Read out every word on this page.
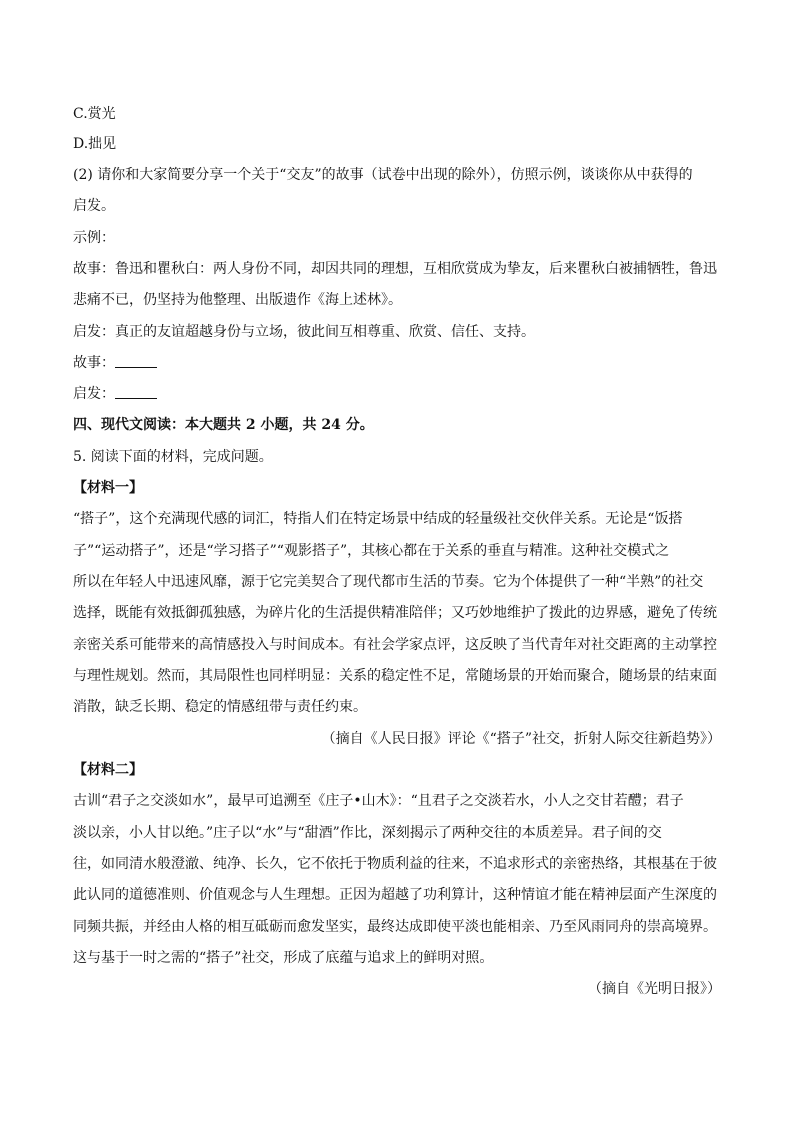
C.赏光
D.拙见
(2) 请你和大家简要分享一个关于“交友”的故事（试卷中出现的除外），仿照示例，谈谈你从中获得的
启发。
示例：
故事：鲁迅和瞿秋白：两人身份不同，却因共同的理想，互相欣赏成为挚友，后来瞿秋白被捕牺牲，鲁迅
悲痛不已，仍坚持为他整理、出版遗作《海上述林》。
启发：真正的友谊超越身份与立场，彼此间互相尊重、欣赏、信任、支持。
故事：
启发：
四、现代文阅读：本大题共 2 小题，共 24 分。
5. 阅读下面的材料，完成问题。
【材料一】
“搭子”，这个充满现代感的词汇，特指人们在特定场景中结成的轻量级社交伙伴关系。无论是“饭搭
子”“运动搭子”，还是“学习搭子”“观影搭子”，其核心都在于关系的垂直与精准。这种社交模式之
所以在年轻人中迅速风靡，源于它完美契合了现代都市生活的节奏。它为个体提供了一种“半熟”的社交
选择，既能有效抵御孤独感，为碎片化的生活提供精准陪伴；又巧妙地维护了拨此的边界感，避免了传统
亲密关系可能带来的高情感投入与时间成本。有社会学家点评，这反映了当代青年对社交距离的主动掌控
与理性规划。然而，其局限性也同样明显：关系的稳定性不足，常随场景的开始而聚合，随场景的结束面
消散，缺乏长期、稳定的情感纽带与责任约束。
（摘自《人民日报》评论《“搭子”社交，折射人际交往新趋势》）
【材料二】
古训“君子之交淡如水”，最早可追溯至《庄子•山木》：“且君子之交淡若水，小人之交甘若醴；君子
淡以亲，小人甘以绝。”庄子以“水”与“甜酒”作比，深刻揭示了两种交往的本质差异。君子间的交
往，如同清水般澄澈、纯净、长久，它不依托于物质利益的往来，不追求形式的亲密热络，其根基在于彼
此认同的道德准则、价值观念与人生理想。正因为超越了功利算计，这种情谊才能在精神层面产生深度的
同频共振，并经由人格的相互砥砺而愈发坚实，最终达成即使平淡也能相亲、乃至风雨同舟的崇高境界。
这与基于一时之需的“搭子”社交，形成了底蕴与追求上的鲜明对照。
（摘自《光明日报》）
